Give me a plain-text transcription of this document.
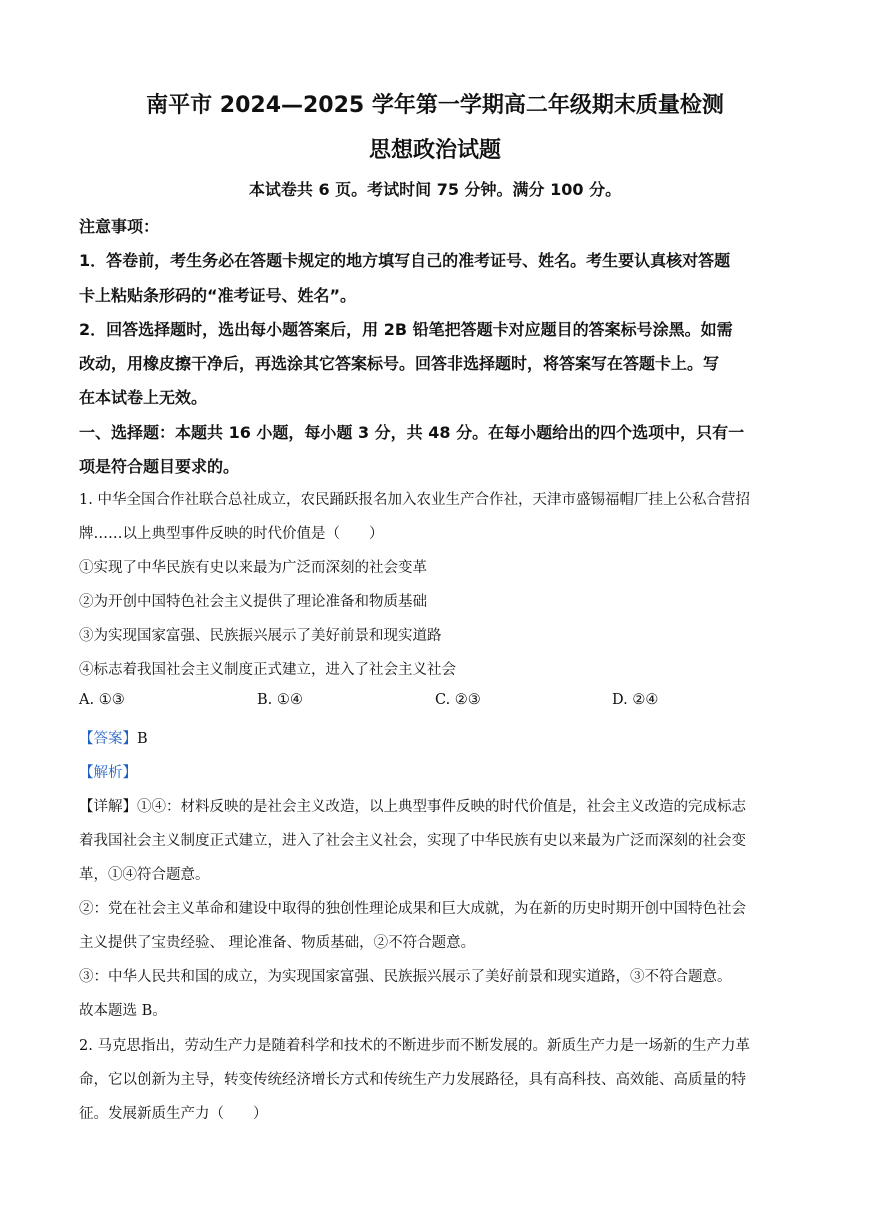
南平市 2024—2025 学年第一学期高二年级期末质量检测
思想政治试题
本试卷共 6 页。考试时间 75 分钟。满分 100 分。
注意事项：
1．答卷前，考生务必在答题卡规定的地方填写自己的准考证号、姓名。考生要认真核对答题
卡上粘贴条形码的“准考证号、姓名”。
2．回答选择题时，选出每小题答案后，用 2B 铅笔把答题卡对应题目的答案标号涂黑。如需
改动，用橡皮擦干净后，再选涂其它答案标号。回答非选择题时，将答案写在答题卡上。写
在本试卷上无效。
一、选择题：本题共 16 小题，每小题 3 分，共 48 分。在每小题给出的四个选项中，只有一
项是符合题目要求的。
1. 中华全国合作社联合总社成立，农民踊跃报名加入农业生产合作社，天津市盛锡福帽厂挂上公私合营招
牌……以上典型事件反映的时代价值是（　　）
①实现了中华民族有史以来最为广泛而深刻的社会变革
②为开创中国特色社会主义提供了理论准备和物质基础
③为实现国家富强、民族振兴展示了美好前景和现实道路
④标志着我国社会主义制度正式建立，进入了社会主义社会
A. ①③	B. ①④	C. ②③	D. ②④
【答案】B
【解析】
【详解】①④：材料反映的是社会主义改造，以上典型事件反映的时代价值是，社会主义改造的完成标志
着我国社会主义制度正式建立，进入了社会主义社会，实现了中华民族有史以来最为广泛而深刻的社会变
革，①④符合题意。
②：党在社会主义革命和建设中取得的独创性理论成果和巨大成就，为在新的历史时期开创中国特色社会
主义提供了宝贵经验、 理论准备、物质基础，②不符合题意。
③：中华人民共和国的成立，为实现国家富强、民族振兴展示了美好前景和现实道路，③不符合题意。
故本题选 B。
2. 马克思指出，劳动生产力是随着科学和技术的不断进步而不断发展的。新质生产力是一场新的生产力革
命，它以创新为主导，转变传统经济增长方式和传统生产力发展路径，具有高科技、高效能、高质量的特
征。发展新质生产力（　　）
